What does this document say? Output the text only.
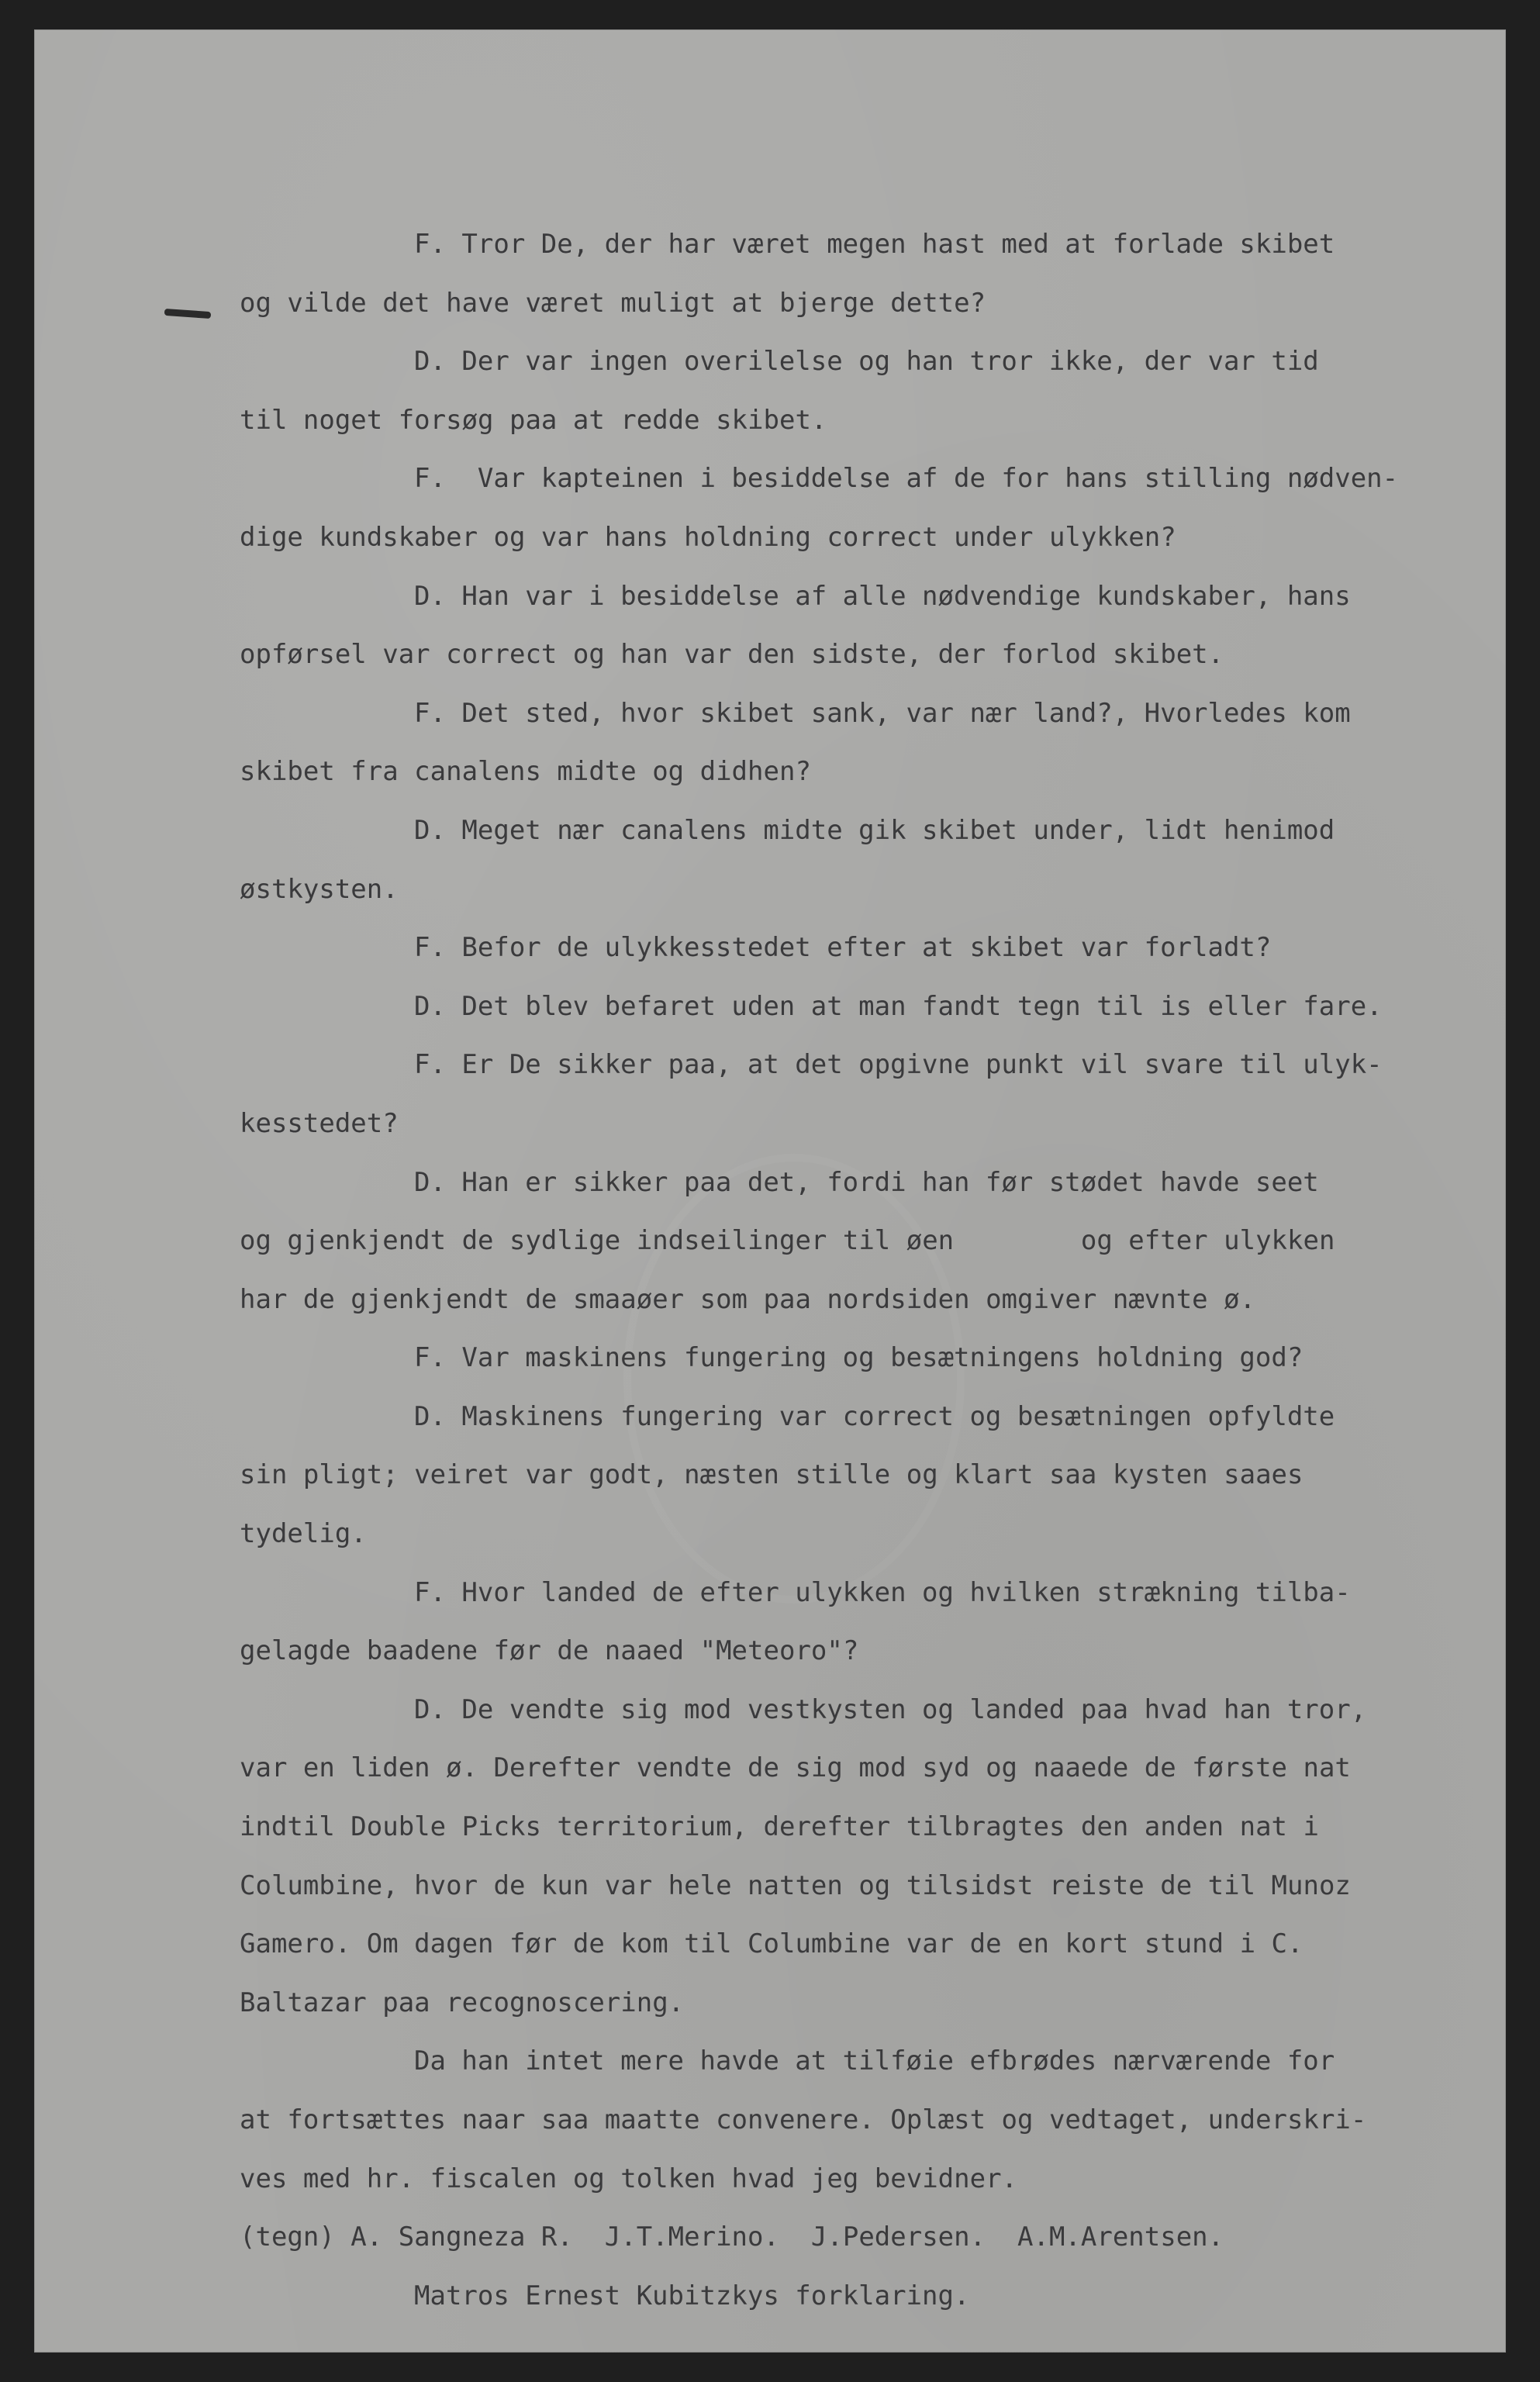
F. Tror De, der har været megen hast med at forlade skibet
og vilde det have været muligt at bjerge dette?
D. Der var ingen overilelse og han tror ikke, der var tid
til noget forsøg paa at redde skibet.
F.  Var kapteinen i besiddelse af de for hans stilling nødven-
dige kundskaber og var hans holdning correct under ulykken?
D. Han var i besiddelse af alle nødvendige kundskaber, hans
opførsel var correct og han var den sidste, der forlod skibet.
F. Det sted, hvor skibet sank, var nær land?, Hvorledes kom
skibet fra canalens midte og didhen?
D. Meget nær canalens midte gik skibet under, lidt henimod
østkysten.
F. Befor de ulykkesstedet efter at skibet var forladt?
D. Det blev befaret uden at man fandt tegn til is eller fare.
F. Er De sikker paa, at det opgivne punkt vil svare til ulyk-
kesstedet?
D. Han er sikker paa det, fordi han før stødet havde seet
og gjenkjendt de sydlige indseilinger til øen        og efter ulykken
har de gjenkjendt de smaaøer som paa nordsiden omgiver nævnte ø.
F. Var maskinens fungering og besætningens holdning god?
D. Maskinens fungering var correct og besætningen opfyldte
sin pligt; veiret var godt, næsten stille og klart saa kysten saaes
tydelig.
F. Hvor landed de efter ulykken og hvilken strækning tilba-
gelagde baadene før de naaed "Meteoro"?
D. De vendte sig mod vestkysten og landed paa hvad han tror,
var en liden ø. Derefter vendte de sig mod syd og naaede de første nat
indtil Double Picks territorium, derefter tilbragtes den anden nat i
Columbine, hvor de kun var hele natten og tilsidst reiste de til Munoz
Gamero. Om dagen før de kom til Columbine var de en kort stund i C.
Baltazar paa recognoscering.
Da han intet mere havde at tilføie efbrødes nærværende for
at fortsættes naar saa maatte convenere. Oplæst og vedtaget, underskri-
ves med hr. fiscalen og tolken hvad jeg bevidner.
(tegn) A. Sangneza R.  J.T.Merino.  J.Pedersen.  A.M.Arentsen.
Matros Ernest Kubitzkys forklaring.
